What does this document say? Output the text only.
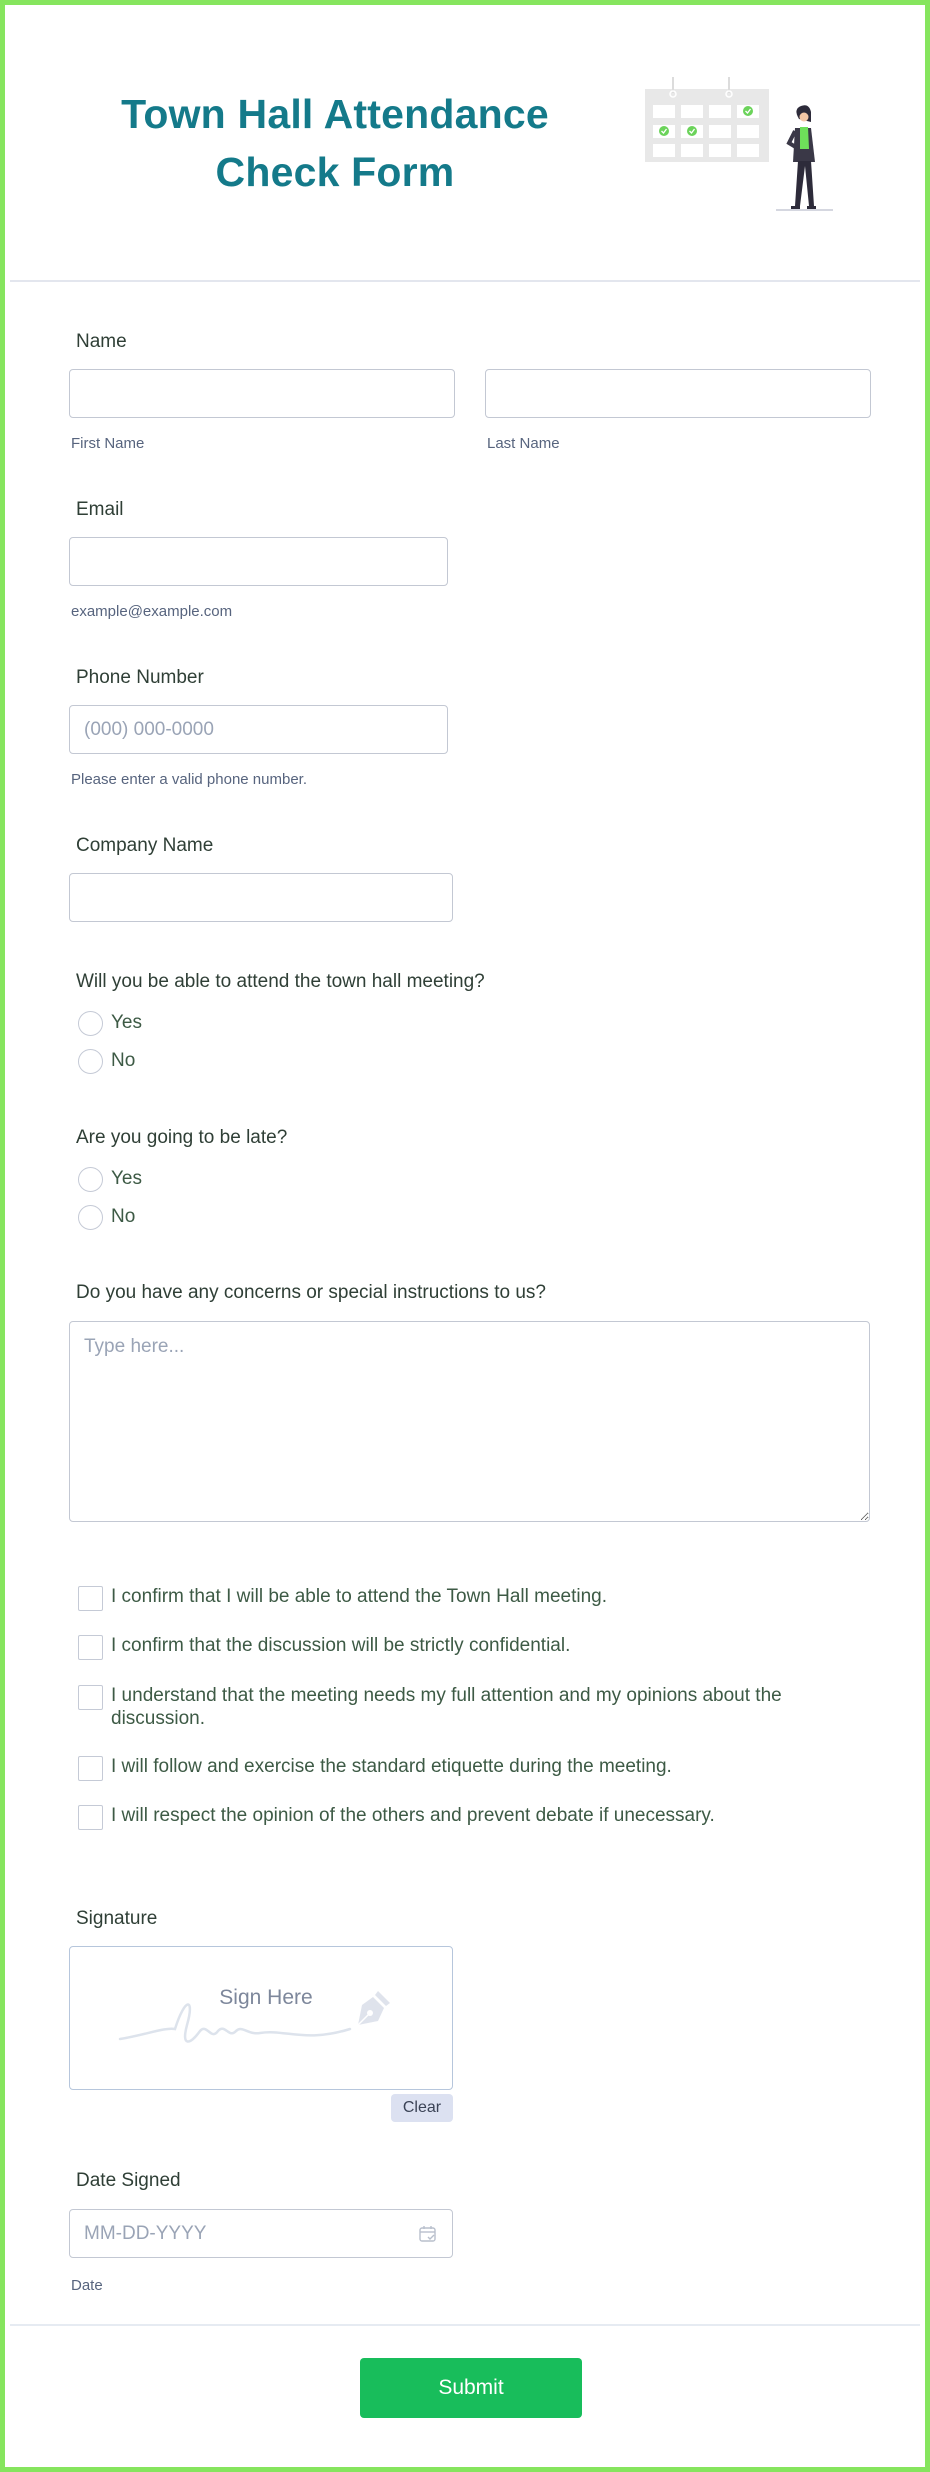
Town Hall Attendance
Check Form
Name
First Name	Last Name
Email
example@example.com
Phone Number
(000) 000-0000
Please enter a valid phone number.
Company Name
Will you be able to attend the town hall meeting?
Yes
No
Are you going to be late?
Yes
No
Do you have any concerns or special instructions to us?
Type here...
I confirm that I will be able to attend the Town Hall meeting.
I confirm that the discussion will be strictly confidential.
I understand that the meeting needs my full attention and my opinions about the discussion.
I will follow and exercise the standard etiquette during the meeting.
I will respect the opinion of the others and prevent debate if unecessary.
Signature
Sign Here
Clear
Date Signed
MM-DD-YYYY
Date
Submit
